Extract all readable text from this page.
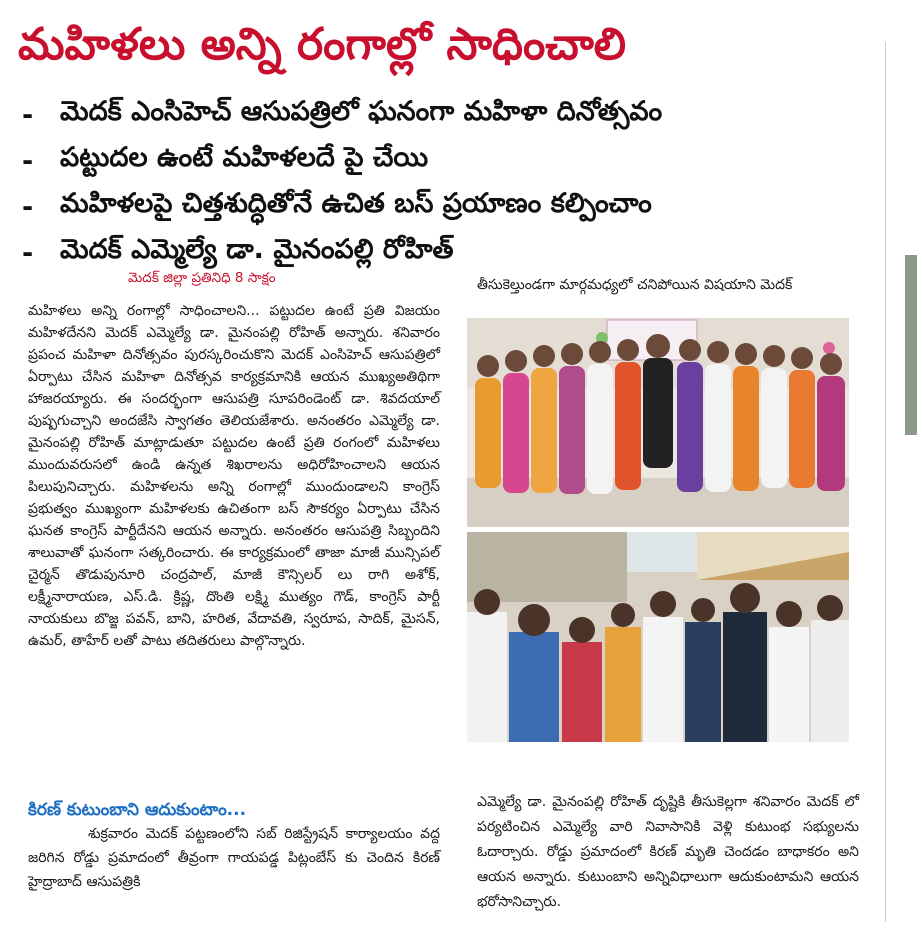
మహిళలు అన్ని రంగాల్లో సాధించాలి
- మెదక్ ఎంసిహెచ్ ఆసుపత్రిలో ఘనంగా మహిళా దినోత్సవం
- పట్టుదల ఉంటే మహిళలదే పై చేయి
- మహిళలపై చిత్తశుద్ధితోనే ఉచిత బస్ ప్రయాణం కల్పించాం
- మెదక్ ఎమ్మెల్యే డా. మైనంపల్లి రోహిత్
మెదక్ జిల్లా ప్రతినిధి 8 సాక్షం

మహిళలు అన్ని రంగాల్లో సాధించాలని... పట్టుదల ఉంటే ప్రతి విజయం మహిళదేనని మెదక్ ఎమ్మెల్యే డా. మైనంపల్లి రోహిత్ అన్నారు. శనివారం ప్రపంచ మహిళా దినోత్సవం పురస్కరించుకొని మెదక్ ఎంసిహెచ్ ఆసుపత్రిలో ఏర్పాటు చేసిన మహిళా దినోత్సవ కార్యక్రమానికి ఆయన ముఖ్యఅతిథిగా హాజరయ్యారు. ఈ సందర్భంగా ఆసుపత్రి సూపరిండెంట్ డా. శివదయాల్ పుష్పగుచ్చాని అందజేసి స్వాగతం తెలియజేశారు. అనంతరం ఎమ్మెల్యే డా. మైనంపల్లి రోహిత్ మాట్లాడుతూ పట్టుదల ఉంటే ప్రతి రంగంలో మహిళలు ముందువరుసలో ఉండి ఉన్నత శిఖరాలను అధిరోహించాలని ఆయన పిలుపునిచ్చారు. మహిళలను అన్ని రంగాల్లో ముందుండాలని కాంగ్రెస్ ప్రభుత్వం ముఖ్యంగా మహిళలకు ఉచితంగా బస్ సౌకర్యం ఏర్పాటు చేసిన ఘనత కాంగ్రెస్ పార్టీదేనని ఆయన అన్నారు. అనంతరం ఆసుపత్రి సిబ్బందిని శాలువాతో ఘనంగా సత్కరించారు. ఈ కార్యక్రమంలో తాజా మాజీ మున్సిపల్ చైర్మన్ తొడుపునూరి చంద్రపాల్, మాజీ కౌన్సిలర్ లు రాగి అశోక్, లక్ష్మీనారాయణ, ఎస్.డి. క్రిష్ణ, దొంతి లక్ష్మి ముత్యం గౌడ్, కాంగ్రెస్ పార్టీ నాయకులు బొజ్జ పవన్, బాని, హరిత, వేదావతి, స్వరూప, సాదిక్, మైసన్, ఉమర్, తాహేర్ లతో పాటు తదితరులు పాల్గొన్నారు.

తీసుకెల్తుండగా మార్గమధ్యలో చనిపోయిన విషయాని మెదక్
కిరణ్ కుటుంబాని ఆదుకుంటాం...
శుక్రవారం మెదక్ పట్టణంలోని సబ్ రిజిస్ట్రేషన్ కార్యాలయం వద్ద జరిగిన రోడ్డు ప్రమాదంలో తీవ్రంగా గాయపడ్డ పిట్లంబేస్ కు చెందిన కిరణ్ హైద్రాబాద్ ఆసుపత్రికి
ఎమ్మెల్యే డా. మైనంపల్లి రోహిత్ దృష్టికి తీసుకెల్లగా శనివారం మెదక్ లో పర్యటించిన ఎమ్మెల్యే వారి నివాసానికి వెళ్లి కుటుంభ సభ్యులను ఓదార్చారు. రోడ్డు ప్రమాదంలో కిరణ్ మృతి చెందడం బాధాకరం అని ఆయన అన్నారు. కుటుంబాని అన్నివిధాలుగా ఆదుకుంటామని ఆయన భరోసానిచ్చారు.
